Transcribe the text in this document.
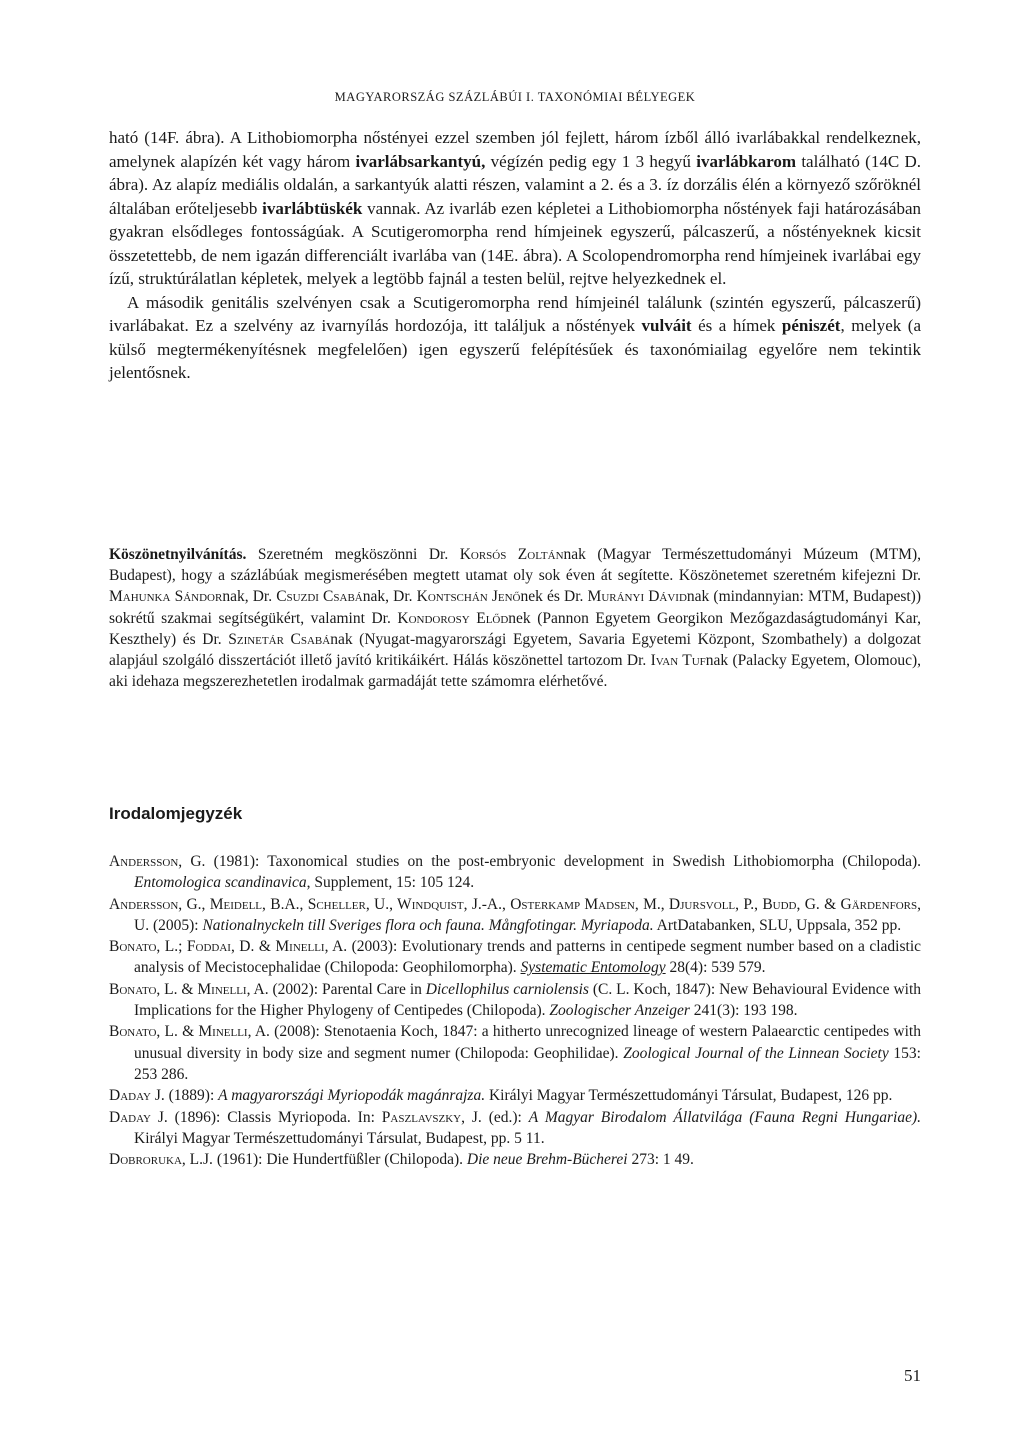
MAGYARORSZÁG SZÁZLÁBÚI I. TAXONÓMIAI BÉLYEGEK

ható (14F. ábra). A Lithobiomorpha nőstényei ezzel szemben jól fejlett, három ízből álló ivarlábakkal rendelkeznek, amelynek alapízén két vagy három ivarlábsarkantyú, végízén pedig egy 1 3 hegyű ivarlábkarom található (14C D. ábra). Az alapíz mediális oldalán, a sarkantyúk alatti részen, valamint a 2. és a 3. íz dorzális élén a környező szőröknél általában erőteljesebb ivarlábtüskék vannak. Az ivarláb ezen képletei a Lithobiomorpha nőstények faji határozásában gyakran elsődleges fontosságúak. A Scutigeromorpha rend hímjeinek egyszerű, pálcaszerű, a nőstényeknek kicsit összetettebb, de nem igazán differenciált ivarlába van (14E. ábra). A Scolopendromorpha rend hímjeinek ivarlábai egy ízű, struktúrálatlan képletek, melyek a legtöbb fajnál a testen belül, rejtve helyezkednek el.

A második genitális szelvényen csak a Scutigeromorpha rend hímjeinél találunk (szintén egyszerű, pálcaszerű) ivarlábakat. Ez a szelvény az ivarnyílás hordozója, itt találjuk a nőstények vulváit és a hímek péniszét, melyek (a külső megtermékenyítésnek megfelelően) igen egyszerű felépítésűek és taxonómiailag egyelőre nem tekintik jelentősnek.

Köszönetnyilvánítás. Szeretném megköszönni Dr. Korsós Zoltánnak (Magyar Természettudományi Múzeum (MTM), Budapest), hogy a százlábúak megismerésében megtett utamat oly sok éven át segítette. Köszönetemet szeretném kifejezni Dr. Mahunka Sándornak, Dr. Csuzdi Csabának, Dr. Kontschán Jenőnek és Dr. Murányi Dávidnak (mindannyian: MTM, Budapest)) sokrétű szakmai segítségükért, valamint Dr. Kondorosy Elődnek (Pannon Egyetem Georgikon Mezőgazdaságtudományi Kar, Keszthely) és Dr. Szinetár Csabának (Nyugat-magyarországi Egyetem, Savaria Egyetemi Központ, Szombathely) a dolgozat alapjául szolgáló disszertációt illető javító kritikáikért. Hálás köszönettel tartozom Dr. Ivan Tufnak (Palacky Egyetem, Olomouc), aki idehaza megszerezhetetlen irodalmak garmadáját tette számomra elérhetővé.
Irodalomjegyzék

Andersson, G. (1981): Taxonomical studies on the post-embryonic development in Swedish Lithobiomorpha (Chilopoda). Entomologica scandinavica, Supplement, 15: 105 124.

Andersson, G., Meidell, B.A., Scheller, U., Windquist, J.-A., Osterkamp Madsen, M., Djursvoll, P., Budd, G. & Gärdenfors, U. (2005): Nationalnyckeln till Sveriges flora och fauna. Mångfotingar. Myriapoda. ArtDatabanken, SLU, Uppsala, 352 pp.

Bonato, L.; Foddai, D. & Minelli, A. (2003): Evolutionary trends and patterns in centipede segment number based on a cladistic analysis of Mecistocephalidae (Chilopoda: Geophilomorpha). Systematic Entomology 28(4): 539 579.

Bonato, L. & Minelli, A. (2002): Parental Care in Dicellophilus carniolensis (C. L. Koch, 1847): New Behavioural Evidence with Implications for the Higher Phylogeny of Centipedes (Chilopoda). Zoologischer Anzeiger 241(3): 193 198.

Bonato, L. & Minelli, A. (2008): Stenotaenia Koch, 1847: a hitherto unrecognized lineage of western Palaearctic centipedes with unusual diversity in body size and segment numer (Chilopoda: Geophilidae). Zoological Journal of the Linnean Society 153: 253 286.

Daday J. (1889): A magyarországi Myriopodák magánrajza. Királyi Magyar Természettudományi Társulat, Budapest, 126 pp.

Daday J. (1896): Classis Myriopoda. In: Paszlavszky, J. (ed.): A Magyar Birodalom Állatvilága (Fauna Regni Hungariae). Királyi Magyar Természettudományi Társulat, Budapest, pp. 5 11.

Dobroruka, L.J. (1961): Die Hundertfüßler (Chilopoda). Die neue Brehm-Bücherei 273: 1 49.

51
